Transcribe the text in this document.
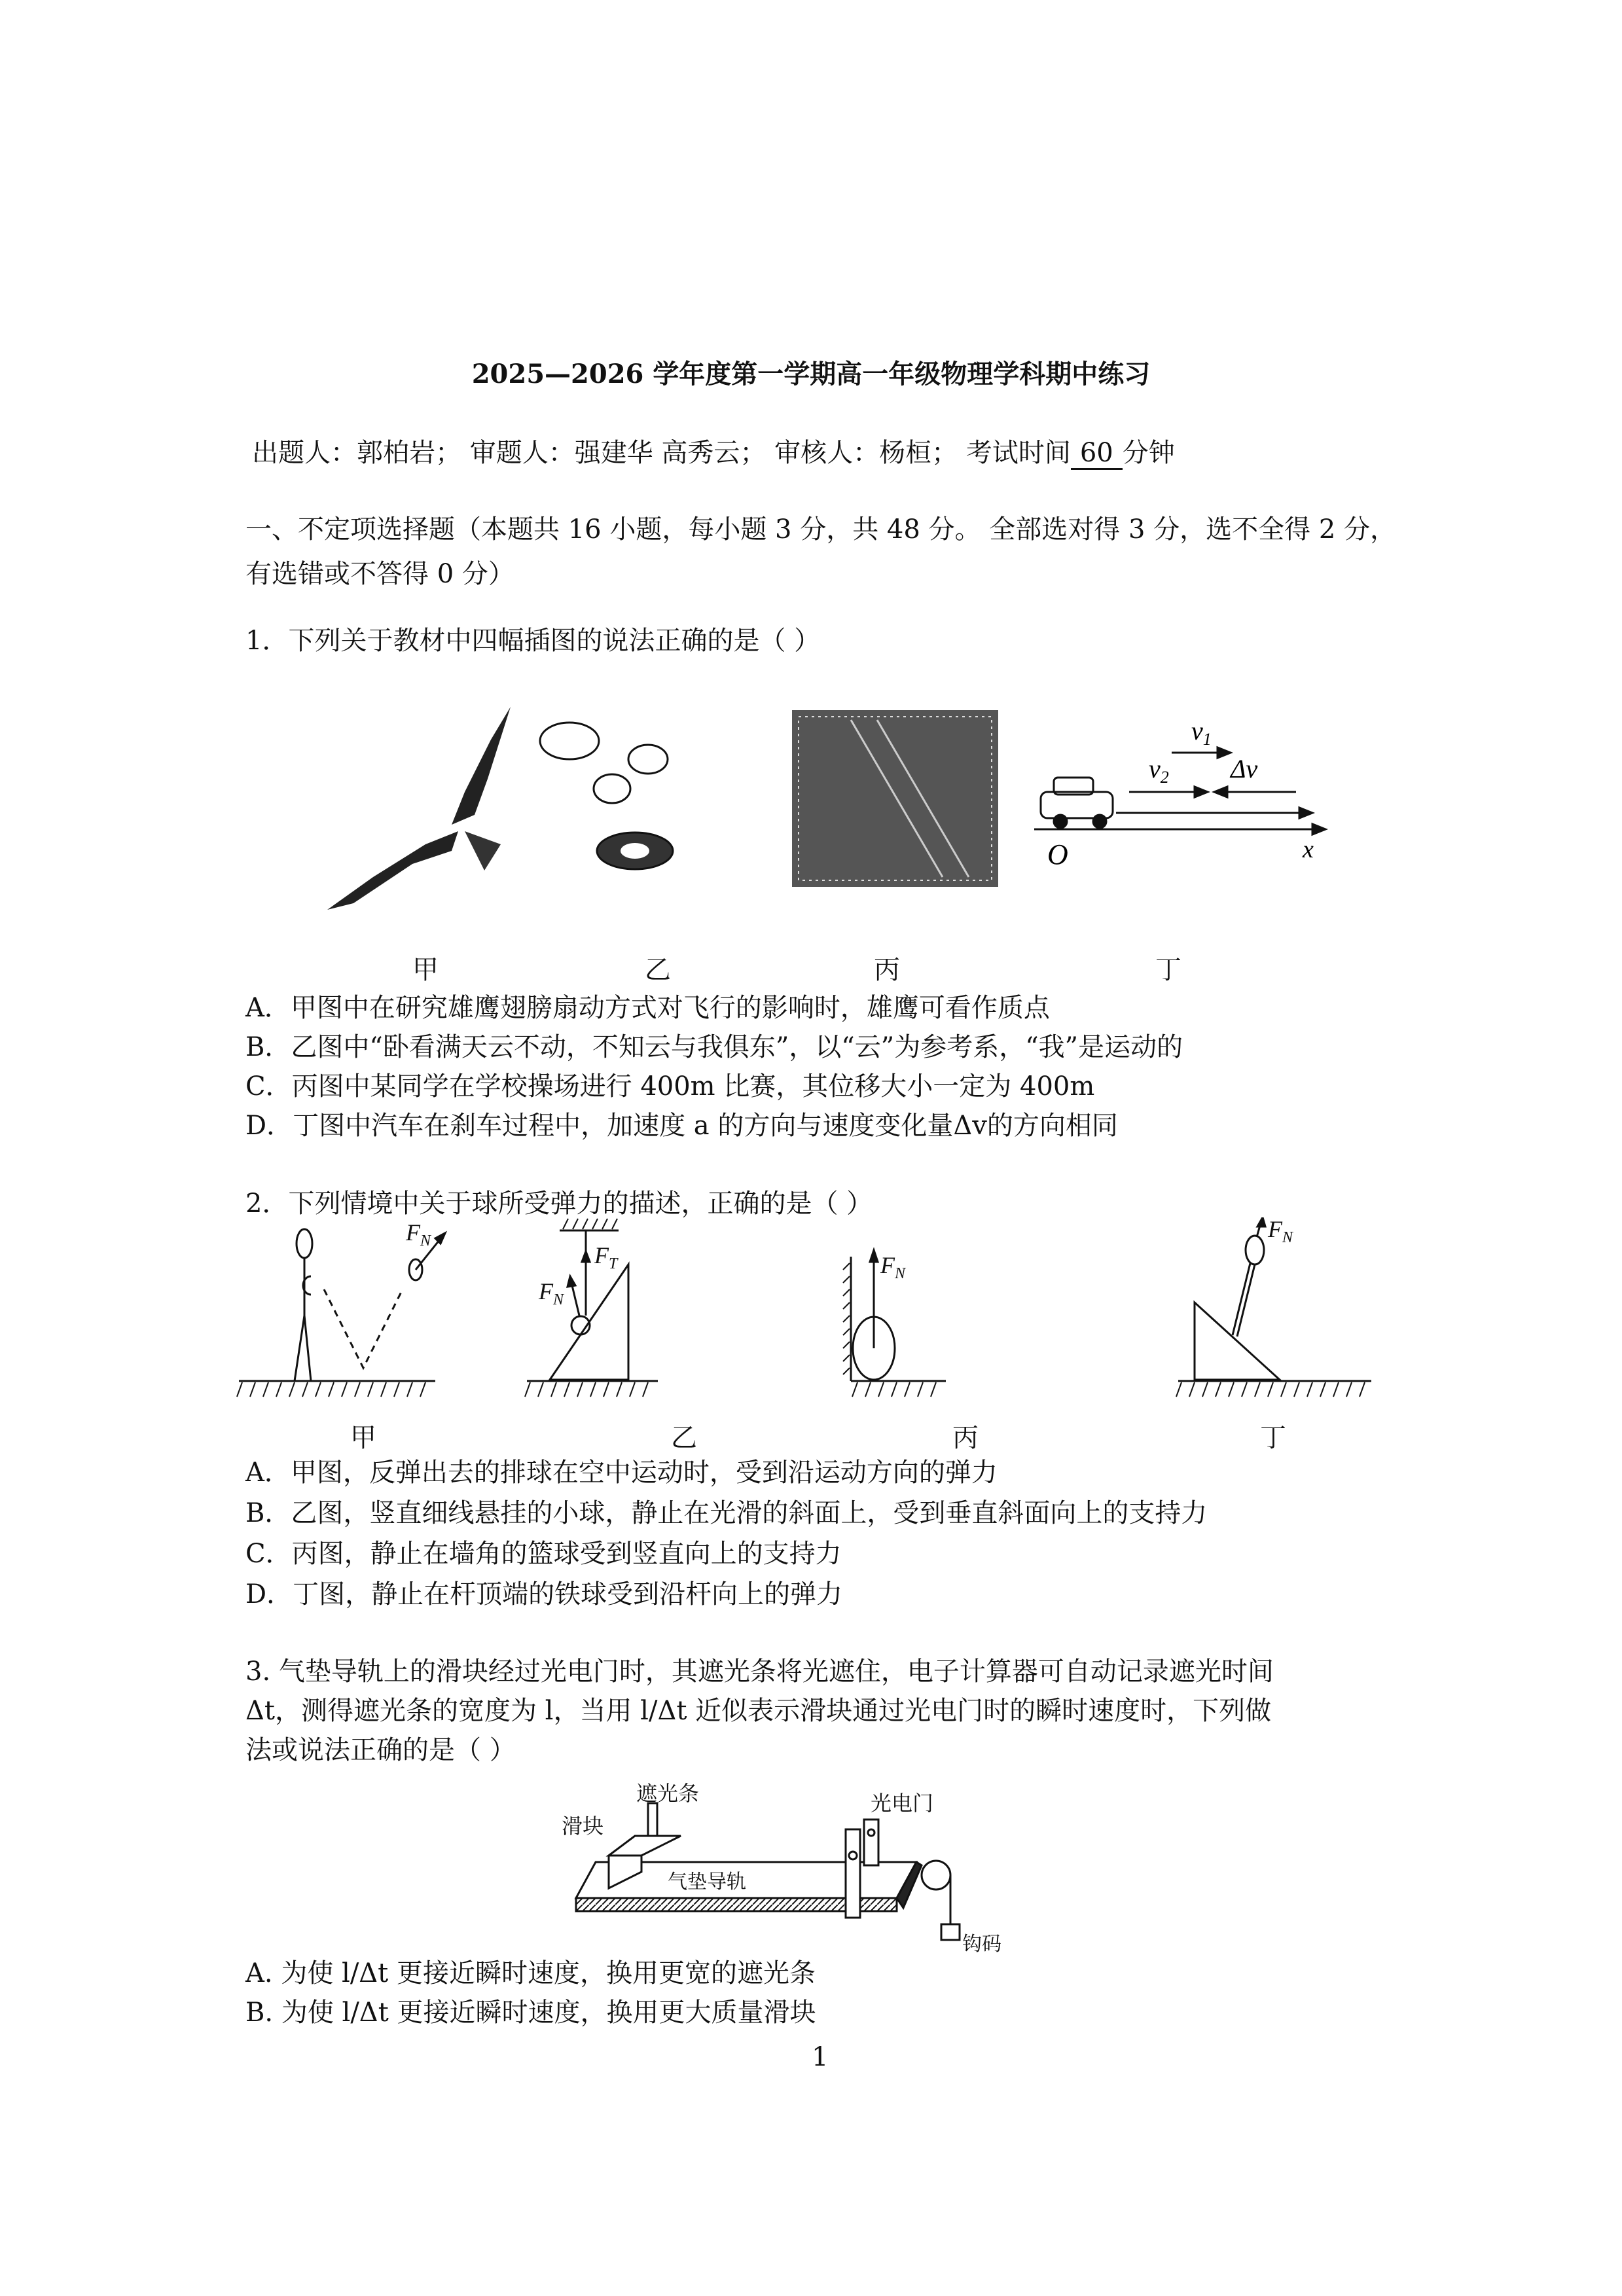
2025—2026 学年度第一学期高一年级物理学科期中练习
出题人：郭柏岩； 审题人：强建华 高秀云； 审核人：杨桓； 考试时间 60 分钟
一、不定项选择题（本题共 16 小题，每小题 3 分，共 48 分。 全部选对得 3 分，选不全得 2 分，有选错或不答得 0 分）
1．下列关于教材中四幅插图的说法正确的是（ ）
$v_1$
$v_2$ Δv
O	x
甲	乙	丙	丁
A．甲图中在研究雄鹰翅膀扇动方式对飞行的影响时，雄鹰可看作质点
B．乙图中“卧看满天云不动，不知云与我俱东”，以“云”为参考系，“我”是运动的
C．丙图中某同学在学校操场进行 400m 比赛，其位移大小一定为 400m
D．丁图中汽车在刹车过程中，加速度 a 的方向与速度变化量Δv的方向相同
2．下列情境中关于球所受弹力的描述，正确的是（ ）
$F_N$
$F_T$
$F_N$
$F_N$
$F_N$
甲	乙	丙	丁
A．甲图，反弹出去的排球在空中运动时，受到沿运动方向的弹力
B．乙图，竖直细线悬挂的小球，静止在光滑的斜面上，受到垂直斜面向上的支持力
C．丙图，静止在墙角的篮球受到竖直向上的支持力
D．丁图，静止在杆顶端的铁球受到沿杆向上的弹力
3. 气垫导轨上的滑块经过光电门时，其遮光条将光遮住，电子计算器可自动记录遮光时间
Δt，测得遮光条的宽度为 l，当用 l/Δt 近似表示滑块通过光电门时的瞬时速度时，下列做
法或说法正确的是（ ）
滑块
遮光条	光电门
气垫导轨
钩码
A. 为使 l/Δt 更接近瞬时速度，换用更宽的遮光条
B. 为使 l/Δt 更接近瞬时速度，换用更大质量滑块
1
